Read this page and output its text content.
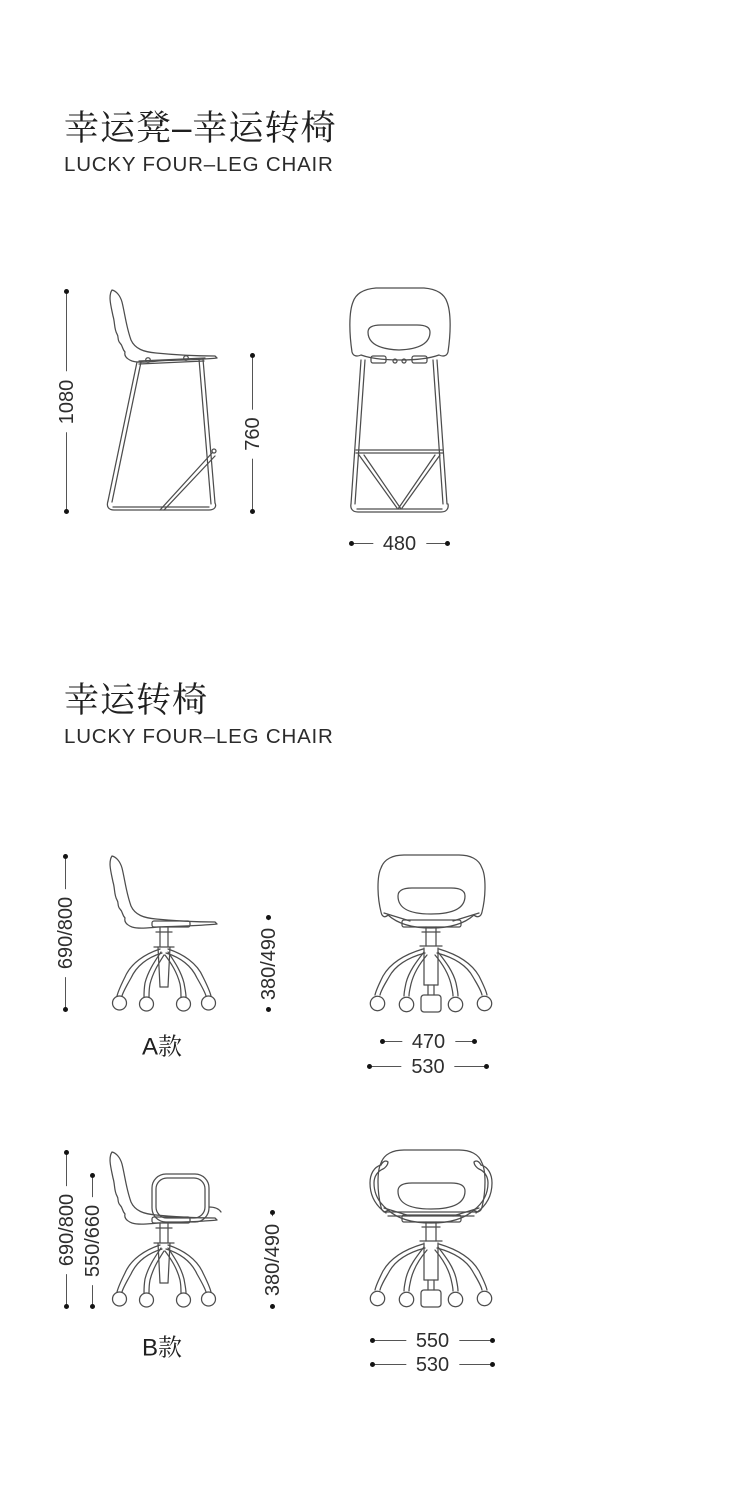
幸运凳–幸运转椅
LUCKY FOUR–LEG CHAIR
1080
760
480
幸运转椅
LUCKY FOUR–LEG CHAIR
690/800	380/490
A款	470
530
690/800 550/660	380/490
B款	550
530
